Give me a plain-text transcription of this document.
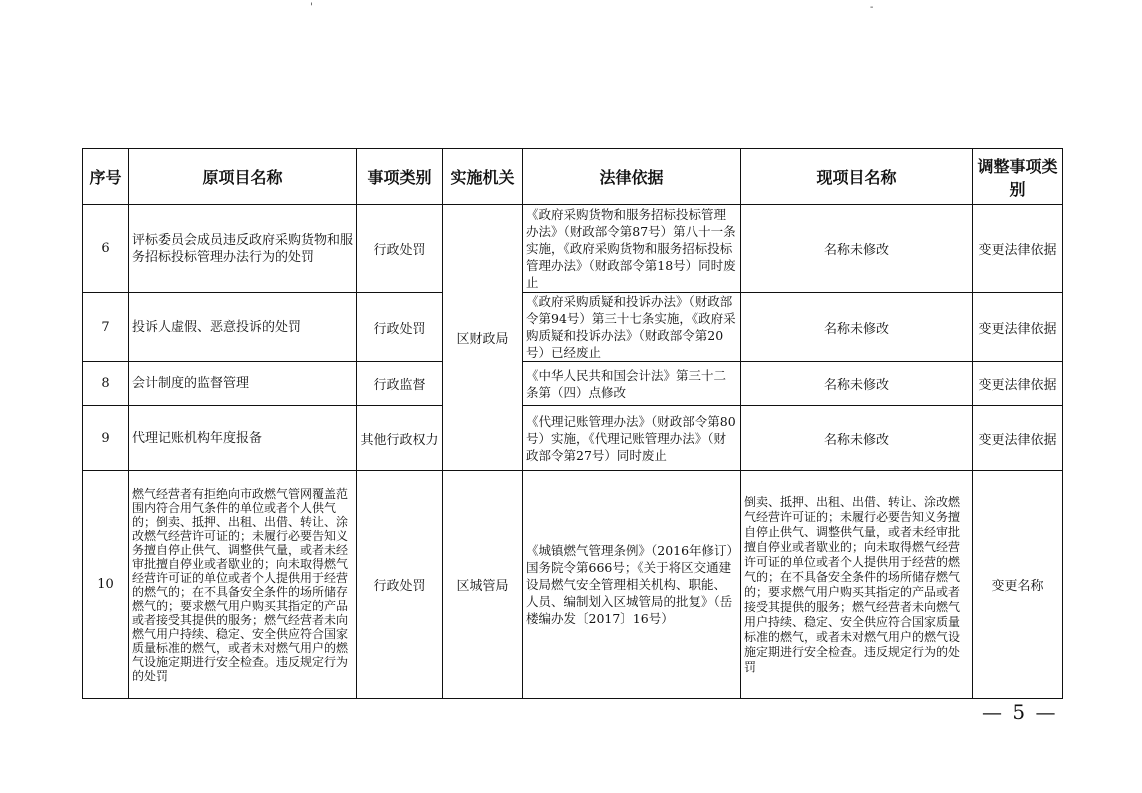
'	-
序号	原项目名称	事项类别	实施机关	法律依据	现项目名称	调整事项类别
6	评标委员会成员违反政府采购货物和服务招标投标管理办法行为的处罚	行政处罚	区财政局	《政府采购货物和服务招标投标管理办法》（财政部令第87号）第八十一条实施，《政府采购货物和服务招标投标管理办法》（财政部令第18号）同时废止	名称未修改	变更法律依据
7	投诉人虚假、恶意投诉的处罚	行政处罚		《政府采购质疑和投诉办法》（财政部令第94号）第三十七条实施，《政府采购质疑和投诉办法》（财政部令第20号）已经废止	名称未修改	变更法律依据
8	会计制度的监督管理	行政监督		《中华人民共和国会计法》第三十二条第（四）点修改	名称未修改	变更法律依据
9	代理记账机构年度报备	其他行政权力		《代理记账管理办法》（财政部令第80号）实施，《代理记账管理办法》（财政部令第27号）同时废止	名称未修改	变更法律依据
10	燃气经营者有拒绝向市政燃气管网覆盖范围内符合用气条件的单位或者个人供气的；倒卖、抵押、出租、出借、转让、涂改燃气经营许可证的；未履行必要告知义务擅自停止供气、调整供气量，或者未经审批擅自停业或者歇业的；向未取得燃气经营许可证的单位或者个人提供用于经营的燃气的；在不具备安全条件的场所储存燃气的；要求燃气用户购买其指定的产品或者接受其提供的服务；燃气经营者未向燃气用户持续、稳定、安全供应符合国家质量标准的燃气，或者未对燃气用户的燃气设施定期进行安全检查。违反规定行为的处罚	行政处罚	区城管局	《城镇燃气管理条例》（2016年修订）国务院令第666号；《关于将区交通建设局燃气安全管理相关机构、职能、人员、编制划入区城管局的批复》（岳楼编办发〔2017〕16号）	倒卖、抵押、出租、出借、转让、涂改燃气经营许可证的；未履行必要告知义务擅自停止供气、调整供气量，或者未经审批擅自停业或者歇业的；向未取得燃气经营许可证的单位或者个人提供用于经营的燃气的；在不具备安全条件的场所储存燃气的；要求燃气用户购买其指定的产品或者接受其提供的服务；燃气经营者未向燃气用户持续、稳定、安全供应符合国家质量标准的燃气，或者未对燃气用户的燃气设施定期进行安全检查。违反规定行为的处罚	变更名称
— 5 —
